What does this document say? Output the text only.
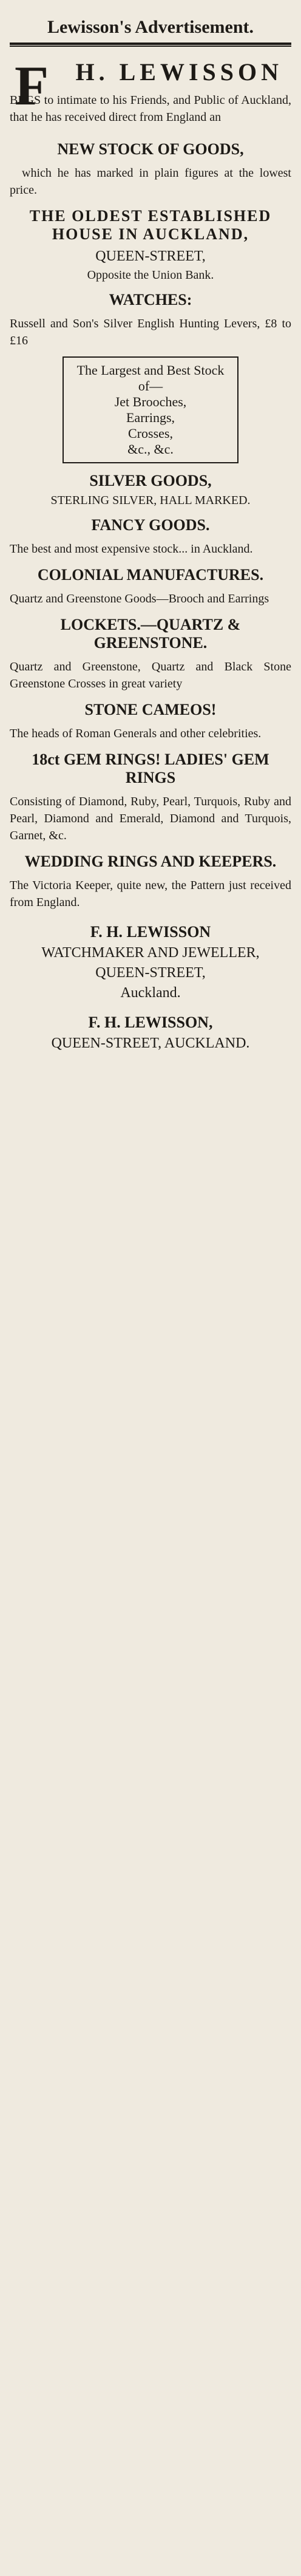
Lewisson's Advertisement.
F H. LEWISSON
BEGS to intimate to his Friends, and Public of Auckland, that he has received direct from England an
NEW STOCK OF GOODS,

which he has marked in plain figures at the lowest price.

THE OLDEST ESTABLISHED HOUSE IN AUCKLAND,
QUEEN-STREET,
Opposite the Union Bank.
WATCHES:

Russell and Son's Silver English Hunting Levers, £8 to £16

The Largest and Best Stock
of—
Jet Brooches,
Earrings,
Crosses,
&c., &c.
SILVER GOODS,
STERLING SILVER, HALL MARKED.
FANCY GOODS.

The best and most expensive stock... in Auckland.

COLONIAL MANUFACTURES.

Quartz and Greenstone Goods—Brooch and Earrings

LOCKETS.—QUARTZ & GREENSTONE.

Quartz and Greenstone, Quartz and Black Stone Greenstone Crosses in great variety

STONE CAMEOS!

The heads of Roman Generals and other celebrities.

18ct GEM RINGS! LADIES' GEM RINGS

Consisting of Diamond, Ruby, Pearl, Turquois, Ruby and Pearl, Diamond and Emerald, Diamond and Turquois, Garnet, &c.

WEDDING RINGS AND KEEPERS.

The Victoria Keeper, quite new, the Pattern just received from England.

F. H. LEWISSON
WATCHMAKER AND JEWELLER,
QUEEN-STREET,
Auckland.
F. H. LEWISSON,
QUEEN-STREET, AUCKLAND.
